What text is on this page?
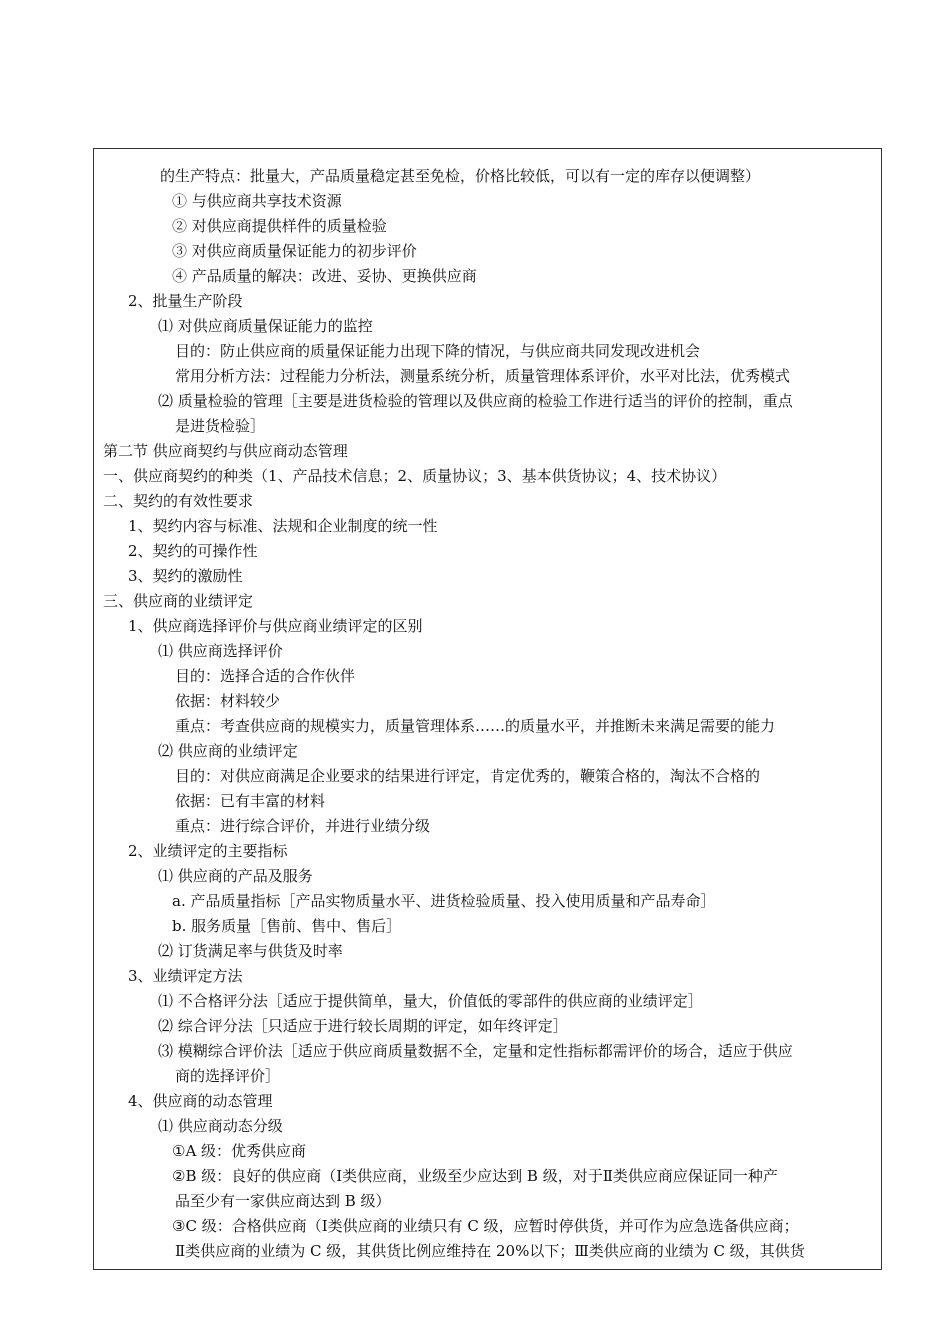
的生产特点：批量大，产品质量稳定甚至免检，价格比较低，可以有一定的库存以便调整）
① 与供应商共享技术资源
② 对供应商提供样件的质量检验
③ 对供应商质量保证能力的初步评价
④ 产品质量的解决：改进、妥协、更换供应商
2、批量生产阶段
⑴ 对供应商质量保证能力的监控
目的：防止供应商的质量保证能力出现下降的情况，与供应商共同发现改进机会
常用分析方法：过程能力分析法，测量系统分析，质量管理体系评价，水平对比法，优秀模式
⑵ 质量检验的管理［主要是进货检验的管理以及供应商的检验工作进行适当的评价的控制，重点
是进货检验］
第二节 供应商契约与供应商动态管理
一、供应商契约的种类（1、产品技术信息；2、质量协议；3、基本供货协议；4、技术协议）
二、契约的有效性要求
1、契约内容与标准、法规和企业制度的统一性
2、契约的可操作性
3、契约的激励性
三、供应商的业绩评定
1、供应商选择评价与供应商业绩评定的区别
⑴ 供应商选择评价
目的：选择合适的合作伙伴
依据：材料较少
重点：考查供应商的规模实力，质量管理体系……的质量水平，并推断未来满足需要的能力
⑵ 供应商的业绩评定
目的：对供应商满足企业要求的结果进行评定，肯定优秀的，鞭策合格的，淘汰不合格的
依据：已有丰富的材料
重点：进行综合评价，并进行业绩分级
2、业绩评定的主要指标
⑴ 供应商的产品及服务
a. 产品质量指标［产品实物质量水平、进货检验质量、投入使用质量和产品寿命］
b. 服务质量［售前、售中、售后］
⑵ 订货满足率与供货及时率
3、业绩评定方法
⑴ 不合格评分法［适应于提供简单，量大，价值低的零部件的供应商的业绩评定］
⑵ 综合评分法［只适应于进行较长周期的评定，如年终评定］
⑶ 模糊综合评价法［适应于供应商质量数据不全，定量和定性指标都需评价的场合，适应于供应
商的选择评价］
4、供应商的动态管理
⑴ 供应商动态分级
①A 级：优秀供应商
②B 级：良好的供应商（Ⅰ类供应商，业级至少应达到 B 级，对于Ⅱ类供应商应保证同一种产
品至少有一家供应商达到 B 级）
③C 级：合格供应商（Ⅰ类供应商的业绩只有 C 级，应暂时停供货，并可作为应急选备供应商；
Ⅱ类供应商的业绩为 C 级，其供货比例应维持在 20%以下；Ⅲ类供应商的业绩为 C 级，其供货
